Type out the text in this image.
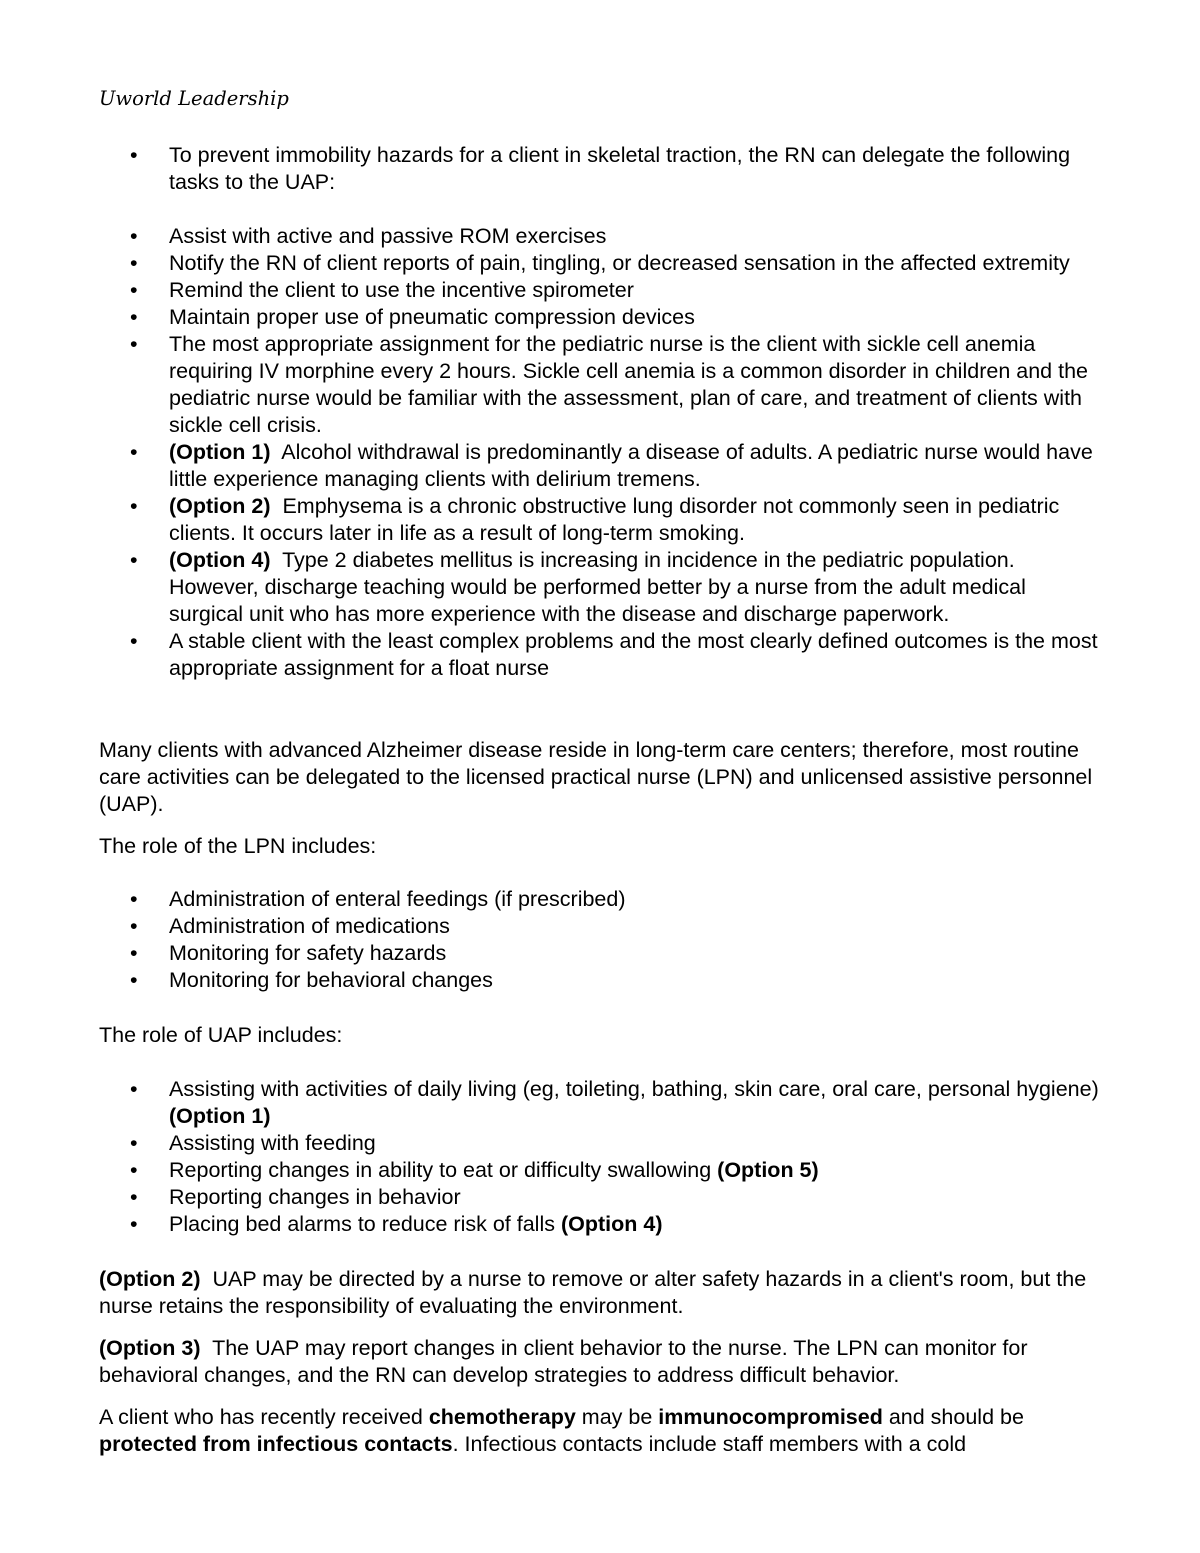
Uworld Leadership
• To prevent immobility hazards for a client in skeletal traction, the RN can delegate the following tasks to the UAP:
• Assist with active and passive ROM exercises
• Notify the RN of client reports of pain, tingling, or decreased sensation in the affected extremity
• Remind the client to use the incentive spirometer
• Maintain proper use of pneumatic compression devices
• The most appropriate assignment for the pediatric nurse is the client with sickle cell anemia requiring IV morphine every 2 hours. Sickle cell anemia is a common disorder in children and the pediatric nurse would be familiar with the assessment, plan of care, and treatment of clients with sickle cell crisis.
• (Option 1) Alcohol withdrawal is predominantly a disease of adults. A pediatric nurse would have little experience managing clients with delirium tremens.
• (Option 2) Emphysema is a chronic obstructive lung disorder not commonly seen in pediatric clients. It occurs later in life as a result of long-term smoking.
• (Option 4) Type 2 diabetes mellitus is increasing in incidence in the pediatric population. However, discharge teaching would be performed better by a nurse from the adult medical surgical unit who has more experience with the disease and discharge paperwork.
• A stable client with the least complex problems and the most clearly defined outcomes is the most appropriate assignment for a float nurse

Many clients with advanced Alzheimer disease reside in long-term care centers; therefore, most routine care activities can be delegated to the licensed practical nurse (LPN) and unlicensed assistive personnel (UAP).

The role of the LPN includes:

• Administration of enteral feedings (if prescribed)
• Administration of medications
• Monitoring for safety hazards
• Monitoring for behavioral changes

The role of UAP includes:

• Assisting with activities of daily living (eg, toileting, bathing, skin care, oral care, personal hygiene) (Option 1)
• Assisting with feeding
• Reporting changes in ability to eat or difficulty swallowing (Option 5)
• Reporting changes in behavior
• Placing bed alarms to reduce risk of falls (Option 4)

(Option 2) UAP may be directed by a nurse to remove or alter safety hazards in a client's room, but the nurse retains the responsibility of evaluating the environment.

(Option 3) The UAP may report changes in client behavior to the nurse. The LPN can monitor for behavioral changes, and the RN can develop strategies to address difficult behavior.

A client who has recently received chemotherapy may be immunocompromised and should be protected from infectious contacts. Infectious contacts include staff members with a cold
